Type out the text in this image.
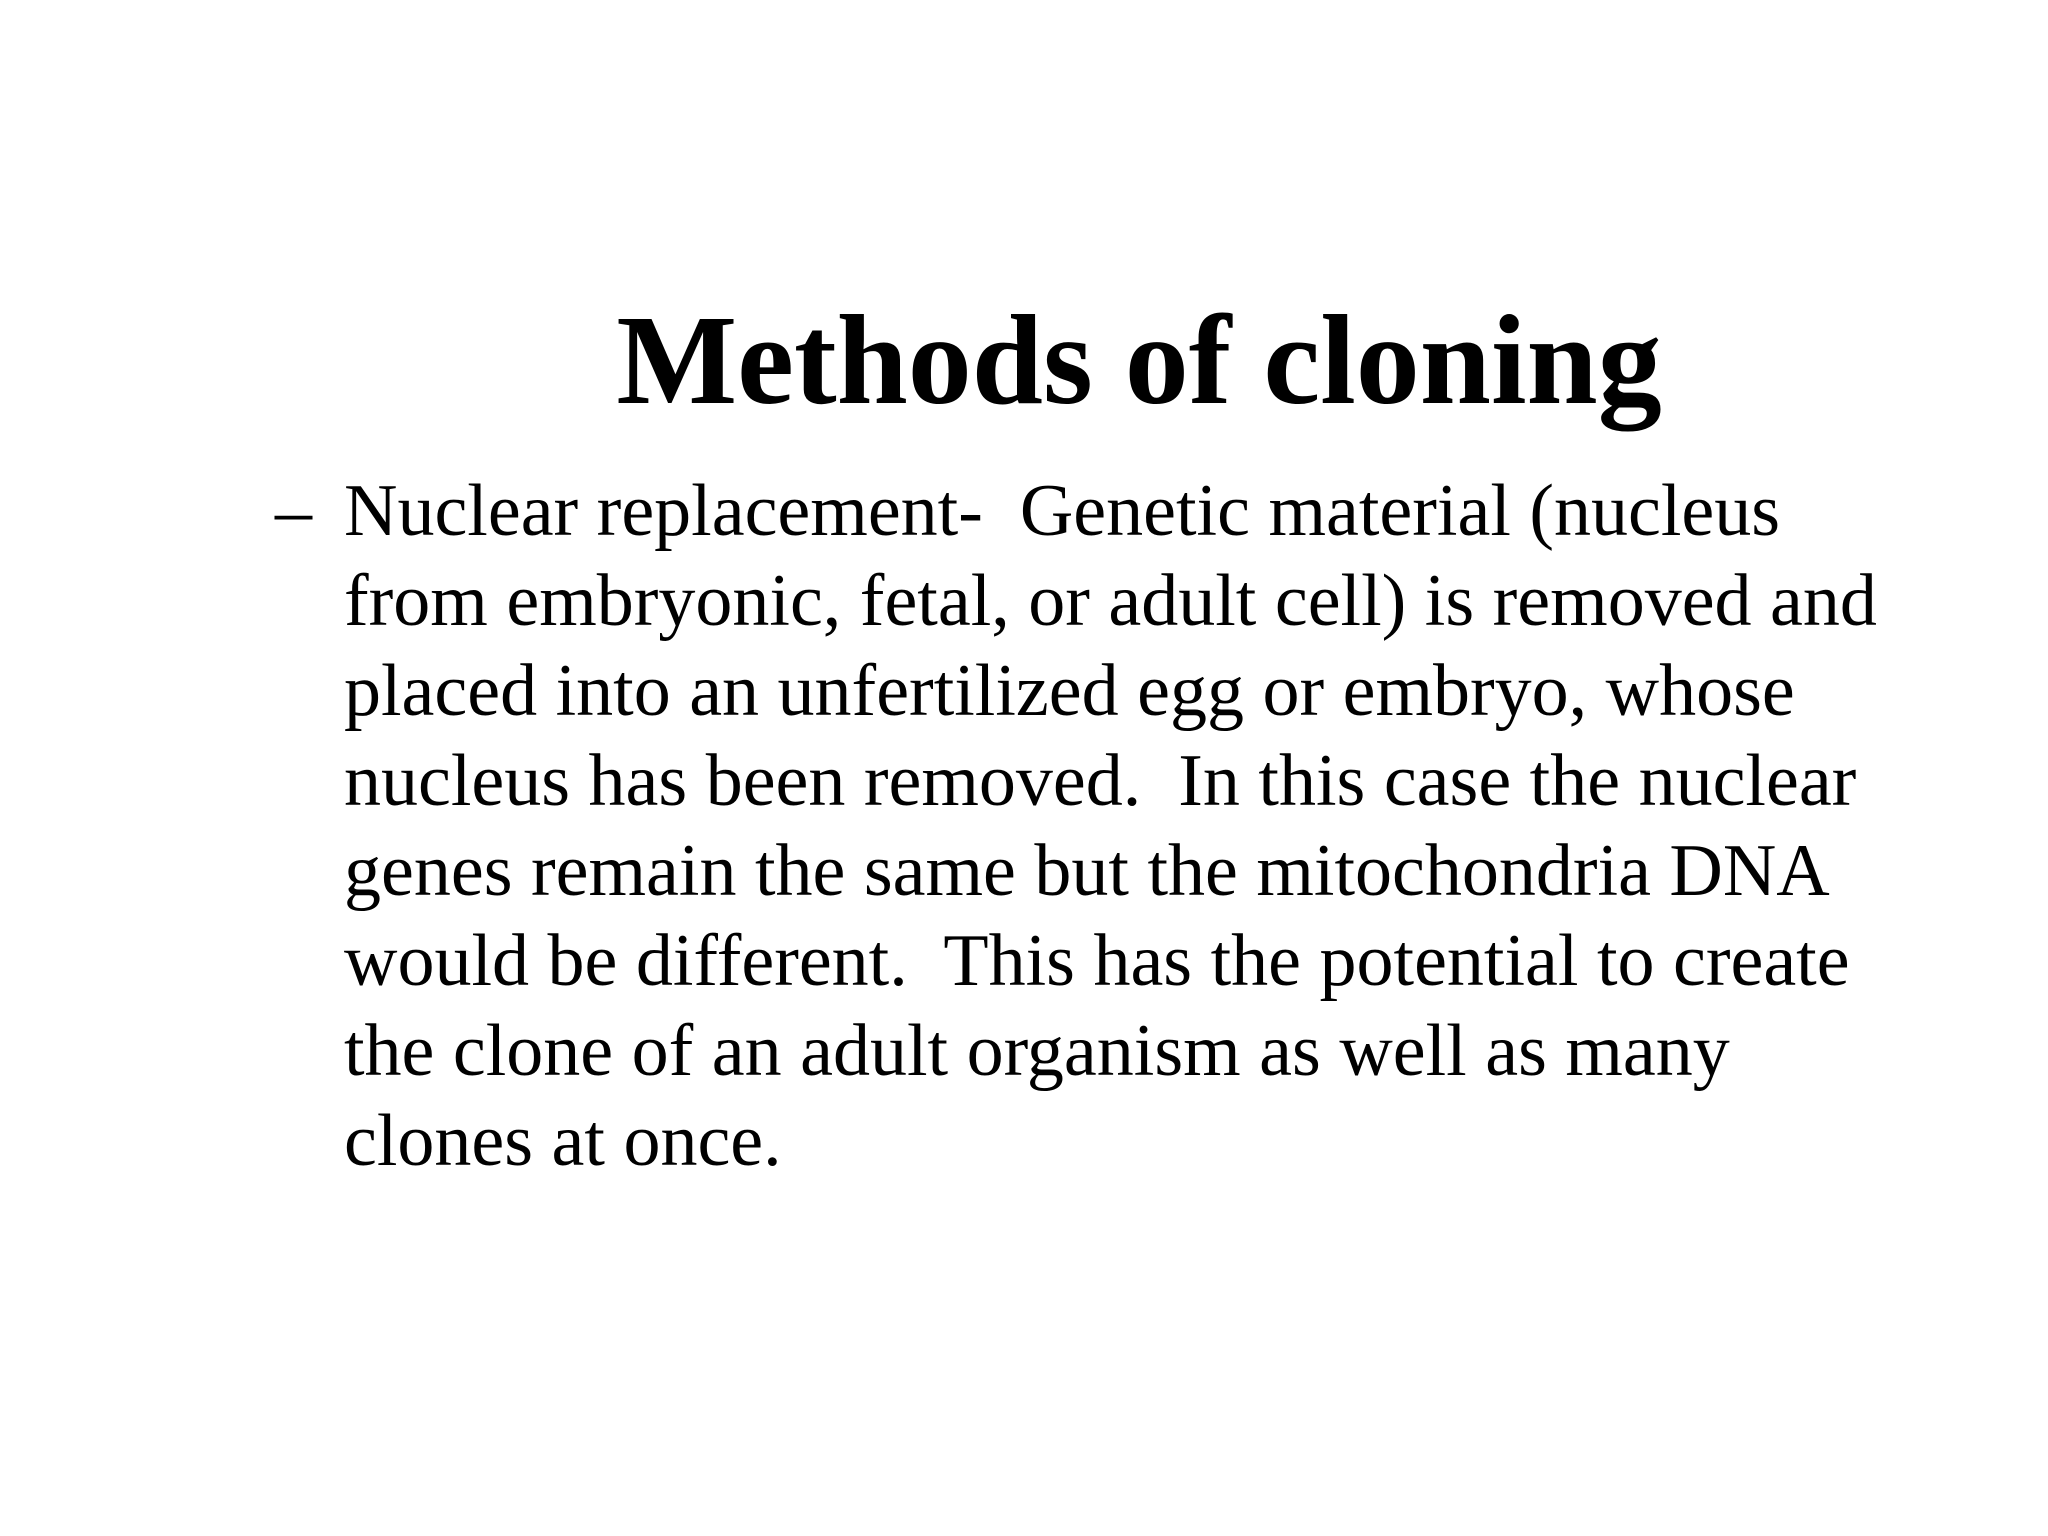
Methods of cloning
– Nuclear replacement-  Genetic material (nucleus
from embryonic, fetal, or adult cell) is removed and
placed into an unfertilized egg or embryo, whose
nucleus has been removed.  In this case the nuclear
genes remain the same but the mitochondria DNA
would be different.  This has the potential to create
the clone of an adult organism as well as many
clones at once.
